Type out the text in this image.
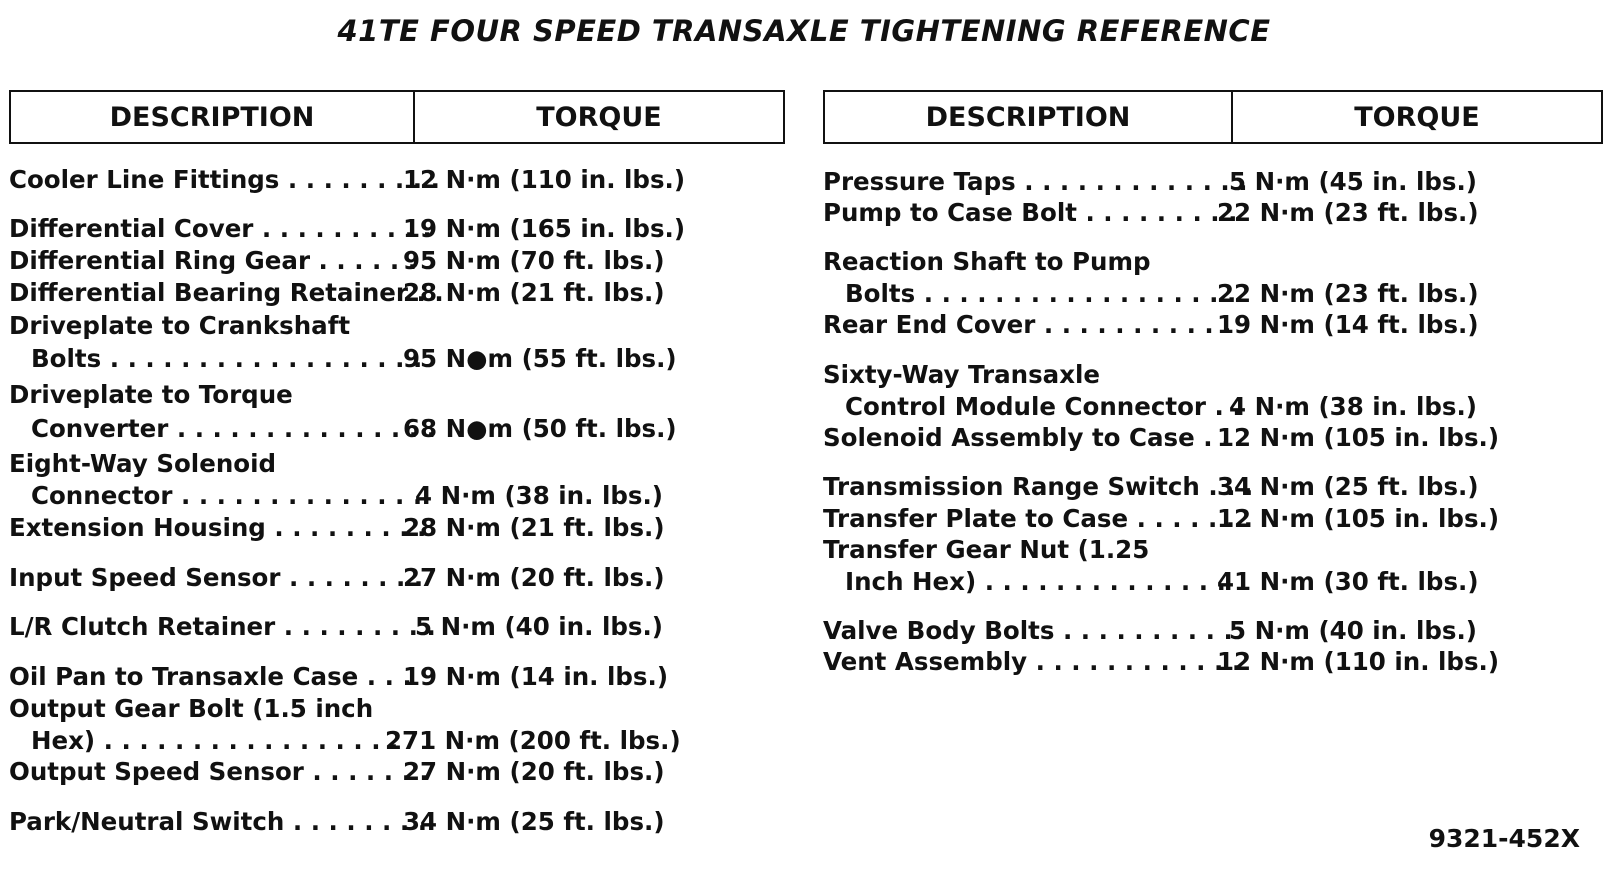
41TE FOUR SPEED TRANSAXLE TIGHTENING REFERENCE
DESCRIPTION	TORQUE
Cooler Line Fittings . . . . . . . . .
12 N·m (110 in. lbs.)
Differential Cover . . . . . . . . . .
19 N·m (165 in. lbs.)
Differential Ring Gear . . . . . .
95 N·m (70 ft. lbs.)
Differential Bearing Retainer . .
28 N·m (21 ft. lbs.)
Driveplate to Crankshaft
Bolts . . . . . . . . . . . . . . . . . .
95 N●m (55 ft. lbs.)
Driveplate to Torque
Converter . . . . . . . . . . . . . . .
68 N●m (50 ft. lbs.)
Eight-Way Solenoid
Connector . . . . . . . . . . . . . .
4 N·m (38 in. lbs.)
Extension Housing . . . . . . . . .
28 N·m (21 ft. lbs.)
Input Speed Sensor . . . . . . . .
27 N·m (20 ft. lbs.)
L/R Clutch Retainer . . . . . . . . .
5 N·m (40 in. lbs.)
Oil Pan to Transaxle Case . . .
19 N·m (14 in. lbs.)
Output Gear Bolt (1.5 inch
Hex) . . . . . . . . . . . . . . . . .
271 N·m (200 ft. lbs.)
Output Speed Sensor . . . . . . .
27 N·m (20 ft. lbs.)
Park/Neutral Switch . . . . . . . .
34 N·m (25 ft. lbs.)
DESCRIPTION	TORQUE
Pressure Taps . . . . . . . . . . . . .
5 N·m (45 in. lbs.)
Pump to Case Bolt . . . . . . . . .
22 N·m (23 ft. lbs.)
Reaction Shaft to Pump
Bolts . . . . . . . . . . . . . . . . . .
22 N·m (23 ft. lbs.)
Rear End Cover . . . . . . . . . . .
19 N·m (14 ft. lbs.)
Sixty-Way Transaxle
Control Module Connector . .
4 N·m (38 in. lbs.)
Solenoid Assembly to Case . .
12 N·m (105 in. lbs.)
Transmission Range Switch . . .
34 N·m (25 ft. lbs.)
Transfer Plate to Case . . . . . . .
12 N·m (105 in. lbs.)
Transfer Gear Nut (1.25
Inch Hex) . . . . . . . . . . . . . .
41 N·m (30 ft. lbs.)
Valve Body Bolts . . . . . . . . . .
5 N·m (40 in. lbs.)
Vent Assembly . . . . . . . . . . . .
12 N·m (110 in. lbs.)
9321-452X
